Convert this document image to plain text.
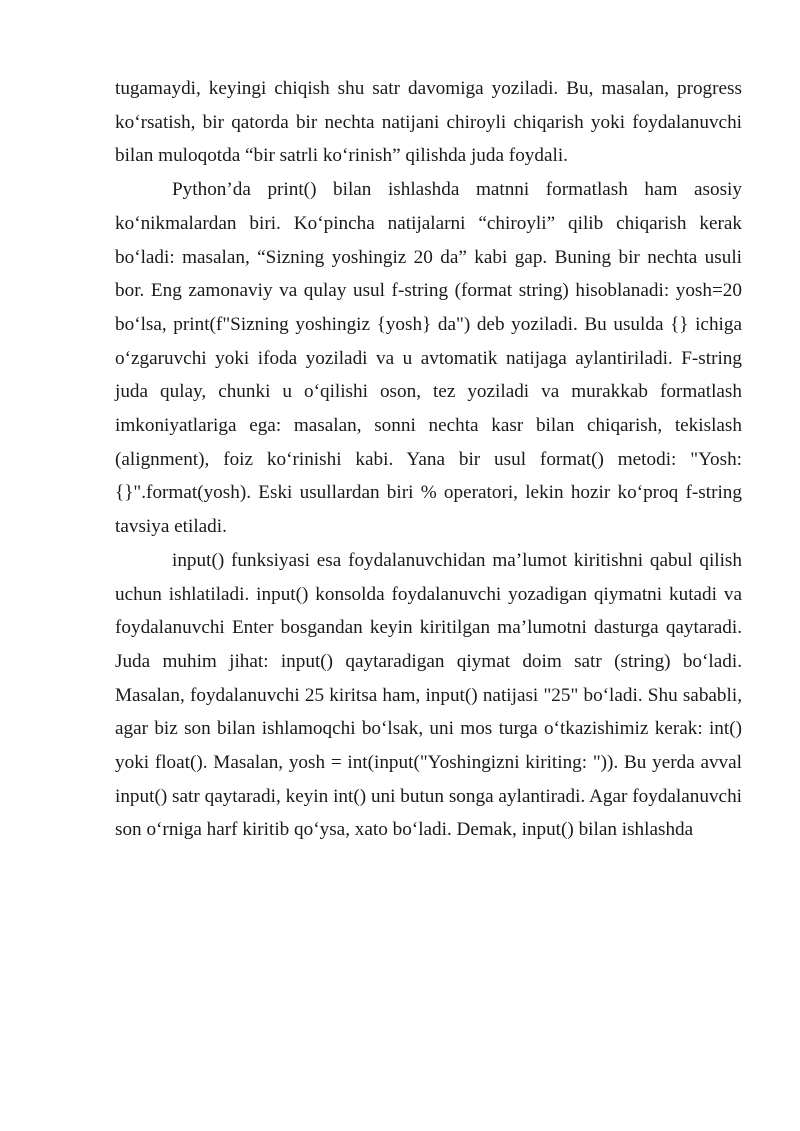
tugamaydi, keyingi chiqish shu satr davomiga yoziladi. Bu, masalan, progress koʻrsatish, bir qatorda bir nechta natijani chiroyli chiqarish yoki foydalanuvchi bilan muloqotda “bir satrli koʻrinish” qilishda juda foydali.

Python’da print() bilan ishlashda matnni formatlash ham asosiy koʻnikmalardan biri. Koʻpincha natijalarni “chiroyli” qilib chiqarish kerak boʻladi: masalan, “Sizning yoshingiz 20 da” kabi gap. Buning bir nechta usuli bor. Eng zamonaviy va qulay usul f-string (format string) hisoblanadi: yosh=20 boʻlsa, print(f"Sizning yoshingiz {yosh} da") deb yoziladi. Bu usulda {} ichiga oʻzgaruvchi yoki ifoda yoziladi va u avtomatik natijaga aylantiriladi. F-string juda qulay, chunki u oʻqilishi oson, tez yoziladi va murakkab formatlash imkoniyatlariga ega: masalan, sonni nechta kasr bilan chiqarish, tekislash (alignment), foiz koʻrinishi kabi. Yana bir usul format() metodi: "Yosh: {}".format(yosh). Eski usullardan biri % operatori, lekin hozir koʻproq f-string tavsiya etiladi.

input() funksiyasi esa foydalanuvchidan ma’lumot kiritishni qabul qilish uchun ishlatiladi. input() konsolda foydalanuvchi yozadigan qiymatni kutadi va foydalanuvchi Enter bosgandan keyin kiritilgan ma’lumotni dasturga qaytaradi. Juda muhim jihat: input() qaytaradigan qiymat doim satr (string) boʻladi. Masalan, foydalanuvchi 25 kiritsa ham, input() natijasi "25" boʻladi. Shu sababli, agar biz son bilan ishlamoqchi boʻlsak, uni mos turga oʻtkazishimiz kerak: int() yoki float(). Masalan, yosh = int(input("Yoshingizni kiriting: ")). Bu yerda avval input() satr qaytaradi, keyin int() uni butun songa aylantiradi. Agar foydalanuvchi son oʻrniga harf kiritib qoʻysa, xato boʻladi. Demak, input() bilan ishlashda
